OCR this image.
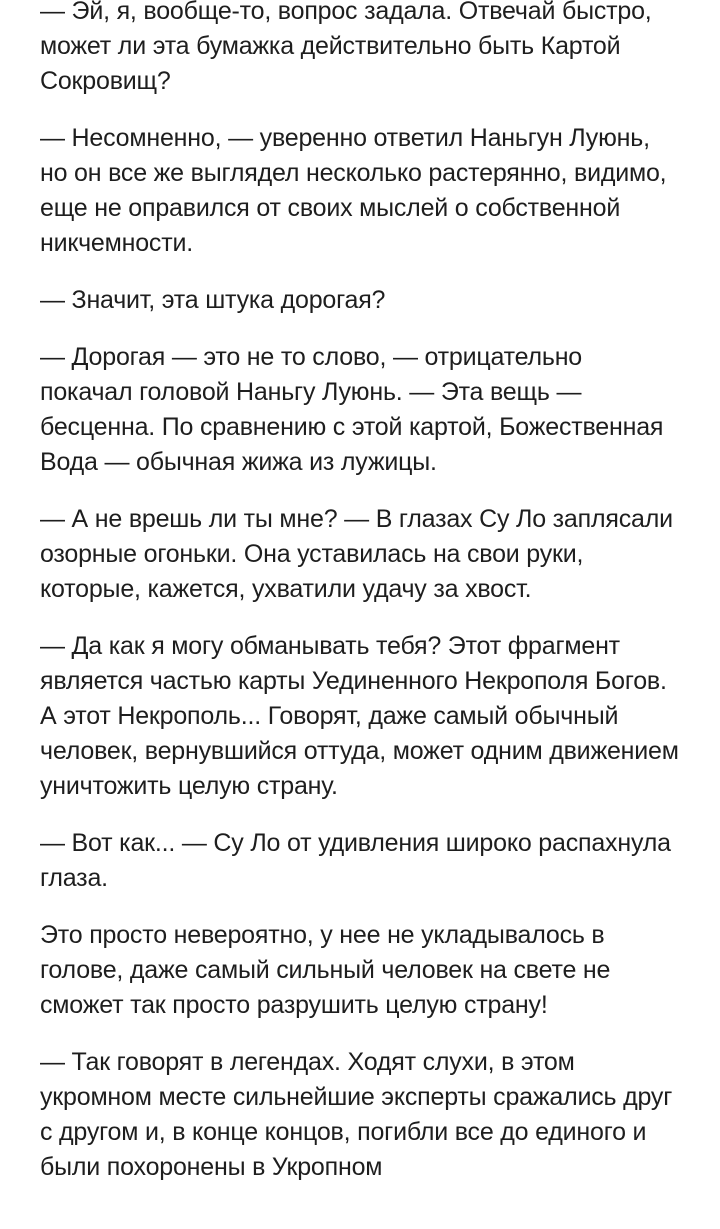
— Эй, я, вообще-то, вопрос задала. Отвечай быстро, может ли эта бумажка действительно быть Картой Сокровищ?

— Несомненно, — уверенно ответил Наньгун Луюнь, но он все же выглядел несколько растерянно, видимо, еще не оправился от своих мыслей о собственной никчемности.

— Значит, эта штука дорогая?

— Дорогая — это не то слово, — отрицательно покачал головой Наньгу Луюнь. — Эта вещь — бесценна. По сравнению с этой картой, Божественная Вода — обычная жижа из лужицы.

— А не врешь ли ты мне? — В глазах Су Ло заплясали озорные огоньки. Она уставилась на свои руки, которые, кажется, ухватили удачу за хвост.

— Да как я могу обманывать тебя? Этот фрагмент является частью карты Уединенного Некрополя Богов. А этот Некрополь... Говорят, даже самый обычный человек, вернувшийся оттуда, может одним движением уничтожить целую страну.

— Вот как... — Су Ло от удивления широко распахнула глаза.

Это просто невероятно, у нее не укладывалось в голове, даже самый сильный человек на свете не сможет так просто разрушить целую страну!

— Так говорят в легендах. Ходят слухи, в этом укромном месте сильнейшие эксперты сражались друг с другом и, в конце концов, погибли все до единого и были похоронены в Укропном
